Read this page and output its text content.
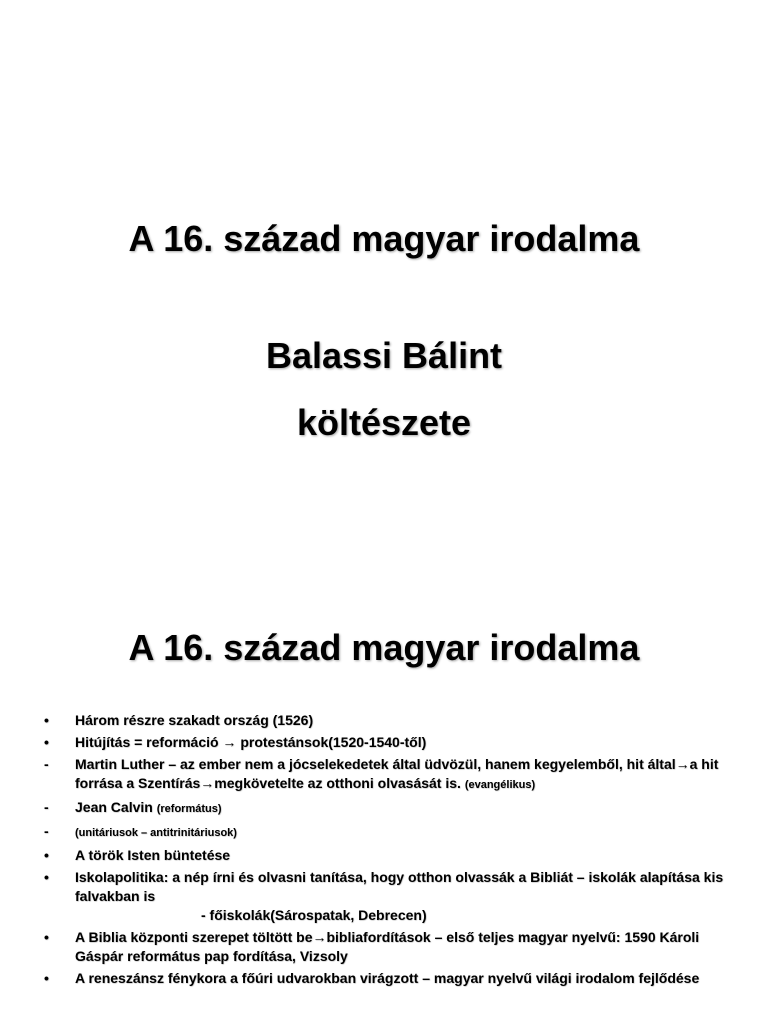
A 16. század magyar irodalma
Balassi Bálint
költészete
A 16. század magyar irodalma
•	Három részre szakadt ország (1526)
•	Hitújítás = reformáció → protestánsok(1520-1540-től)
-	Martin Luther – az ember nem a jócselekedetek által üdvözül, hanem kegyelemből, hit által→a hit forrása a Szentírás→megkövetelte az otthoni olvasását is. (evangélikus)
-	Jean Calvin (református)
-	(unitáriusok – antitrinitáriusok)
•	A török Isten büntetése
•	Iskolapolitika: a nép írni és olvasni tanítása, hogy otthon olvassák a Bibliát – iskolák alapítása kis falvakban is
- főiskolák(Sárospatak, Debrecen)
•	A Biblia központi szerepet töltött be→bibliafordítások – első teljes magyar nyelvű: 1590 Károli Gáspár református pap fordítása, Vizsoly
•	A reneszánsz fénykora a főúri udvarokban virágzott – magyar nyelvű világi irodalom fejlődése
